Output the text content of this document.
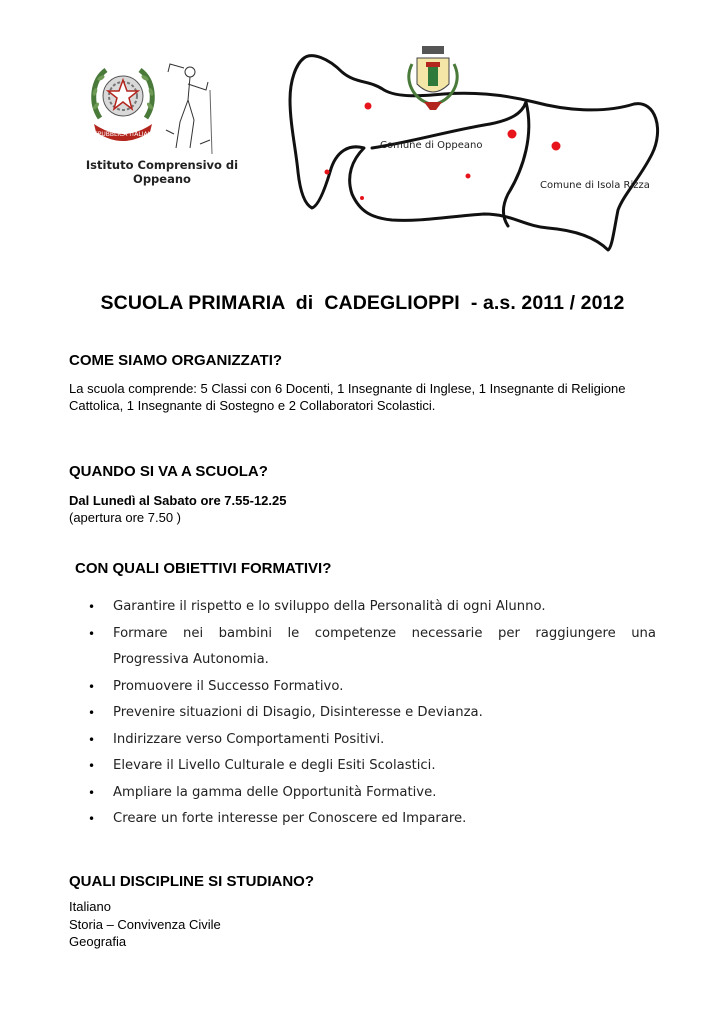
REPUBBLICA ITALIANA
Istituto Comprensivo di Oppeano
Comune di Oppeano
Comune di Isola Rizza
SCUOLA PRIMARIA  di  CADEGLIOPPI  - a.s. 2011 / 2012
COME SIAMO ORGANIZZATI?
La scuola comprende: 5 Classi con 6 Docenti, 1 Insegnante di Inglese, 1 Insegnante di Religione Cattolica, 1 Insegnante di Sostegno e 2 Collaboratori Scolastici.
QUANDO SI VA A SCUOLA?
Dal Lunedì al Sabato ore 7.55-12.25
(apertura ore 7.50 )
CON QUALI OBIETTIVI FORMATIVI?
• Garantire il rispetto e lo sviluppo della Personalità di ogni Alunno.
• Formare nei bambini le competenze necessarie per raggiungere una
Progressiva Autonomia.
• Promuovere il Successo Formativo.
• Prevenire situazioni di Disagio, Disinteresse e Devianza.
• Indirizzare verso Comportamenti Positivi.
• Elevare il Livello Culturale e degli Esiti Scolastici.
• Ampliare la gamma delle Opportunità Formative.
• Creare un forte interesse per Conoscere ed Imparare.
QUALI DISCIPLINE SI STUDIANO?
Italiano
Storia – Convivenza Civile
Geografia
